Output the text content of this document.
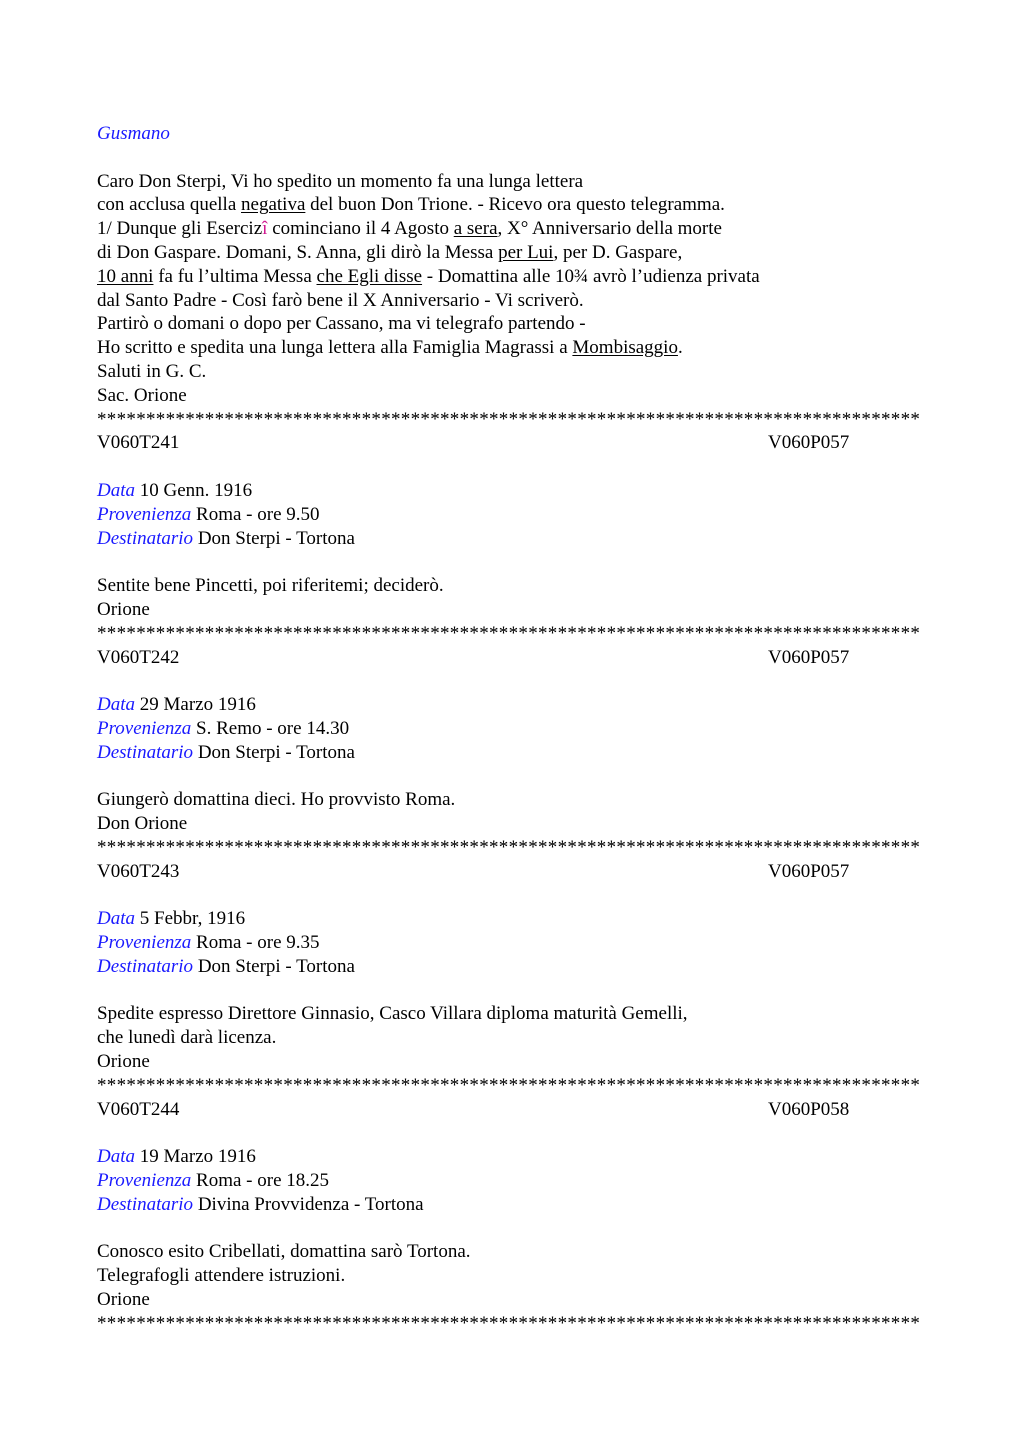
Gusmano
Caro Don Sterpi, Vi ho spedito un momento fa una lunga lettera
con acclusa quella negativa del buon Don Trione. - Ricevo ora questo telegramma.
1/ Dunque gli Esercizî cominciano il 4 Agosto a sera, X° Anniversario della morte
di Don Gaspare. Domani, S. Anna, gli dirò la Messa per Lui, per D. Gaspare,
10 anni fa fu l’ultima Messa che Egli disse - Domattina alle 10¾ avrò l’udienza privata
dal Santo Padre - Così farò bene il X Anniversario - Vi scriverò.
Partirò o domani o dopo per Cassano, ma vi telegrafo partendo -
Ho scritto e spedita una lunga lettera alla Famiglia Magrassi a Mombisaggio.
Saluti in G. C.
Sac. Orione
************************************************************************************
V060T241	V060P057
Data 10 Genn. 1916
Provenienza Roma - ore 9.50
Destinatario Don Sterpi - Tortona
Sentite bene Pincetti, poi riferitemi; deciderò.
Orione
************************************************************************************
V060T242	V060P057
Data 29 Marzo 1916
Provenienza S. Remo - ore 14.30
Destinatario Don Sterpi - Tortona
Giungerò domattina dieci. Ho provvisto Roma.
Don Orione
************************************************************************************
V060T243	V060P057
Data 5 Febbr, 1916
Provenienza Roma - ore 9.35
Destinatario Don Sterpi - Tortona
Spedite espresso Direttore Ginnasio, Casco Villara diploma maturità Gemelli,
che lunedì darà licenza.
Orione
************************************************************************************
V060T244	V060P058
Data 19 Marzo 1916
Provenienza Roma - ore 18.25
Destinatario Divina Provvidenza - Tortona
Conosco esito Cribellati, domattina sarò Tortona.
Telegrafogli attendere istruzioni.
Orione
************************************************************************************
